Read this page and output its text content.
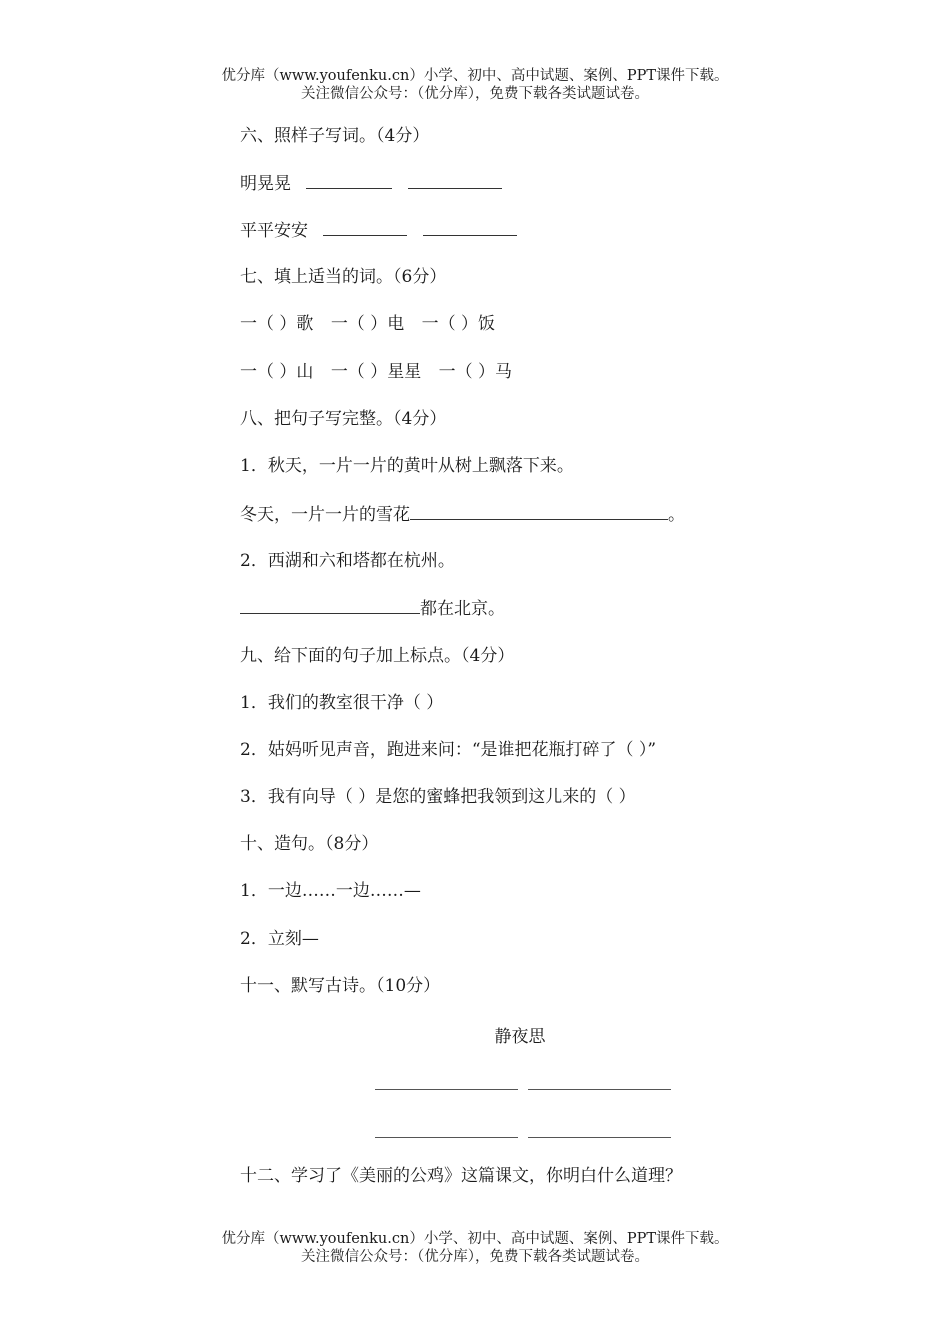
优分库（www.youfenku.cn）小学、初中、高中试题、案例、PPT课件下载。
关注微信公众号：（优分库），免费下载各类试题试卷。
六、照样子写词。（4分）
明晃晃
平平安安
七、填上适当的词。（6分）
一（ ）歌 一（ ）电 一（ ）饭
一（ ）山 一（ ）星星 一（ ）马
八、把句子写完整。（4分）
1．秋天，一片一片的黄叶从树上飘落下来。
冬天，一片一片的雪花	。
2．西湖和六和塔都在杭州。
都在北京。
九、给下面的句子加上标点。（4分）
1．我们的教室很干净（ ）
2．姑妈听见声音，跑进来问：“是谁把花瓶打碎了（ ）”
3．我有向导（ ）是您的蜜蜂把我领到这儿来的（ ）
十、造句。（8分）
1．一边……一边……—
2．立刻—
十一、默写古诗。（10分）
静夜思
十二、学习了《美丽的公鸡》这篇课文，你明白什么道理？
优分库（www.youfenku.cn）小学、初中、高中试题、案例、PPT课件下载。
关注微信公众号：（优分库），免费下载各类试题试卷。
